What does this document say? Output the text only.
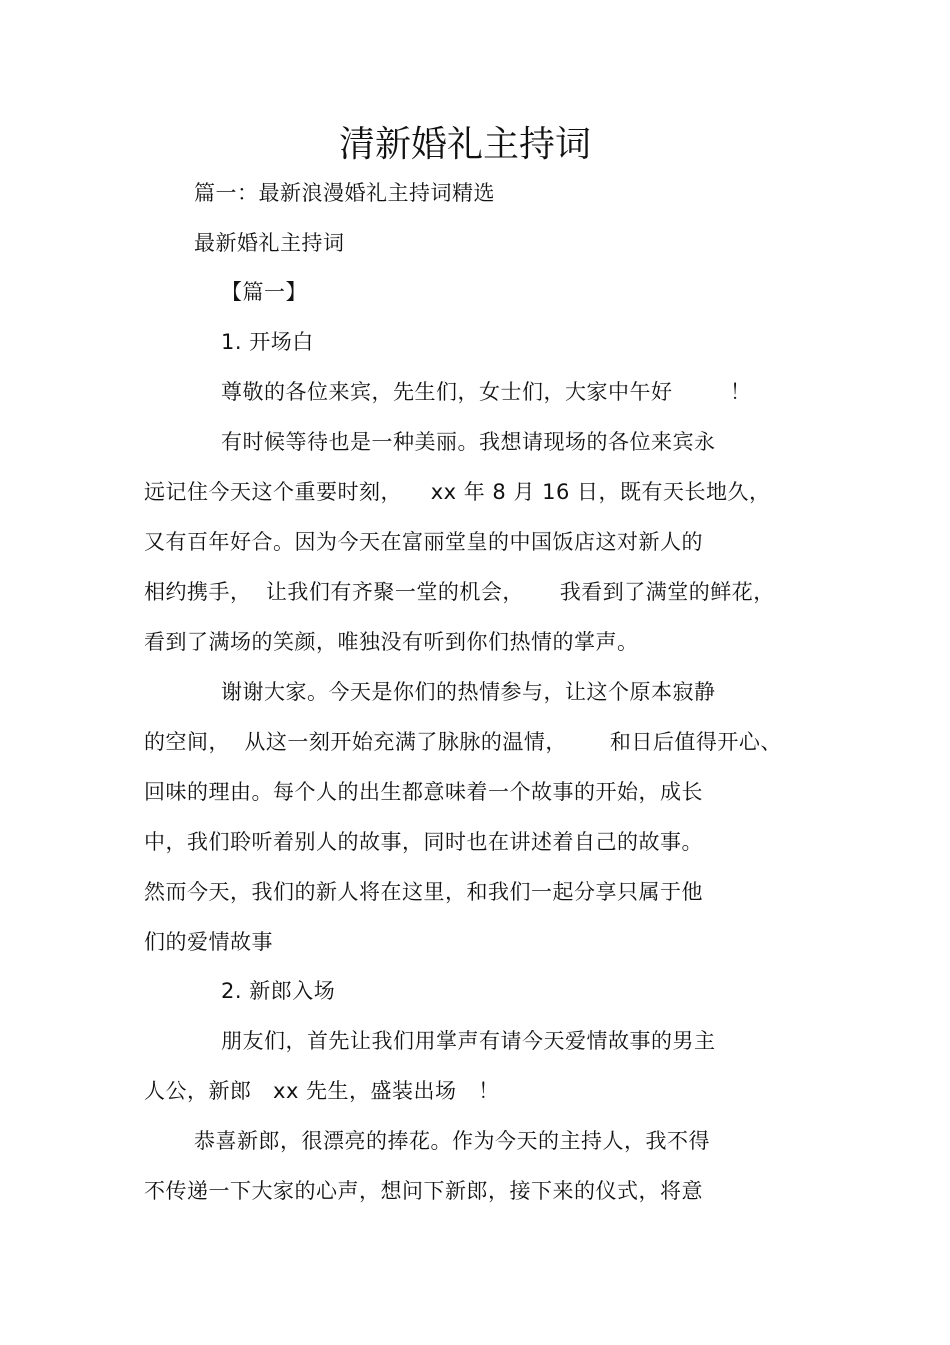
清新婚礼主持词
篇一：最新浪漫婚礼主持词精选
最新婚礼主持词
【篇一】
1. 开场白
尊敬的各位来宾，先生们，女士们，大家中午好        ！
有时候等待也是一种美丽。我想请现场的各位来宾永
远记住今天这个重要时刻，    xx 年 8 月 16 日，既有天长地久，
又有百年好合。因为今天在富丽堂皇的中国饭店这对新人的
相约携手，  让我们有齐聚一堂的机会，     我看到了满堂的鲜花，
看到了满场的笑颜，唯独没有听到你们热情的掌声。
谢谢大家。今天是你们的热情参与，让这个原本寂静
的空间，  从这一刻开始充满了脉脉的温情，      和日后值得开心、
回味的理由。每个人的出生都意味着一个故事的开始，成长
中，我们聆听着别人的故事，同时也在讲述着自己的故事。
然而今天，我们的新人将在这里，和我们一起分享只属于他
们的爱情故事
2. 新郎入场
朋友们，首先让我们用掌声有请今天爱情故事的男主
人公，新郎   xx 先生，盛装出场   ！
恭喜新郎，很漂亮的捧花。作为今天的主持人，我不得
不传递一下大家的心声，想问下新郎，接下来的仪式，将意
